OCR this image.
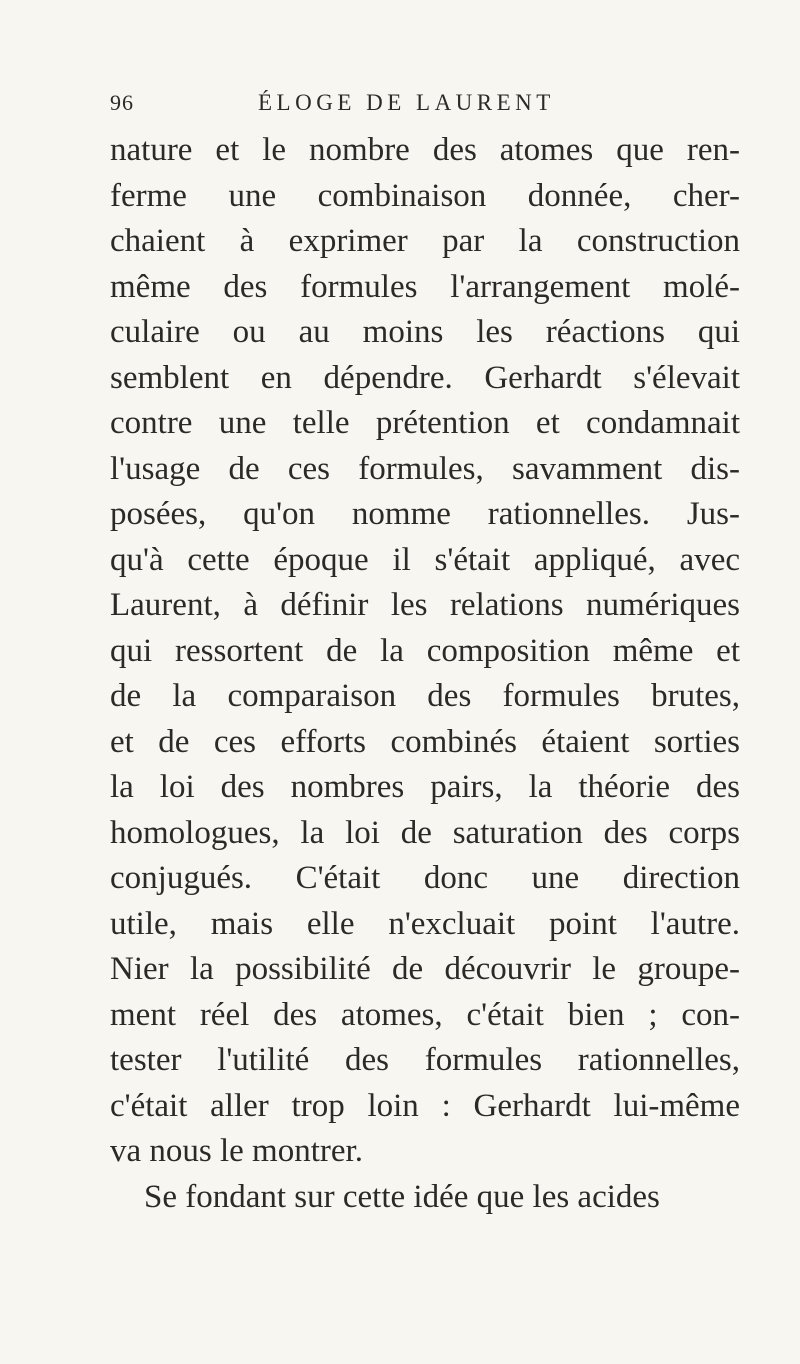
96	ÉLOGE DE LAURENT
nature et le nombre des atomes que ren-
ferme une combinaison donnée, cher-
chaient à exprimer par la construction
même des formules l'arrangement molé-
culaire ou au moins les réactions qui
semblent en dépendre. Gerhardt s'élevait
contre une telle prétention et condamnait
l'usage de ces formules, savamment dis-
posées, qu'on nomme rationnelles. Jus-
qu'à cette époque il s'était appliqué, avec
Laurent, à définir les relations numériques
qui ressortent de la composition même et
de la comparaison des formules brutes,
et de ces efforts combinés étaient sorties
la loi des nombres pairs, la théorie des
homologues, la loi de saturation des corps
conjugués. C'était donc une direction
utile, mais elle n'excluait point l'autre.
Nier la possibilité de découvrir le groupe-
ment réel des atomes, c'était bien ; con-
tester l'utilité des formules rationnelles,
c'était aller trop loin : Gerhardt lui-même
va nous le montrer.
Se fondant sur cette idée que les acides
